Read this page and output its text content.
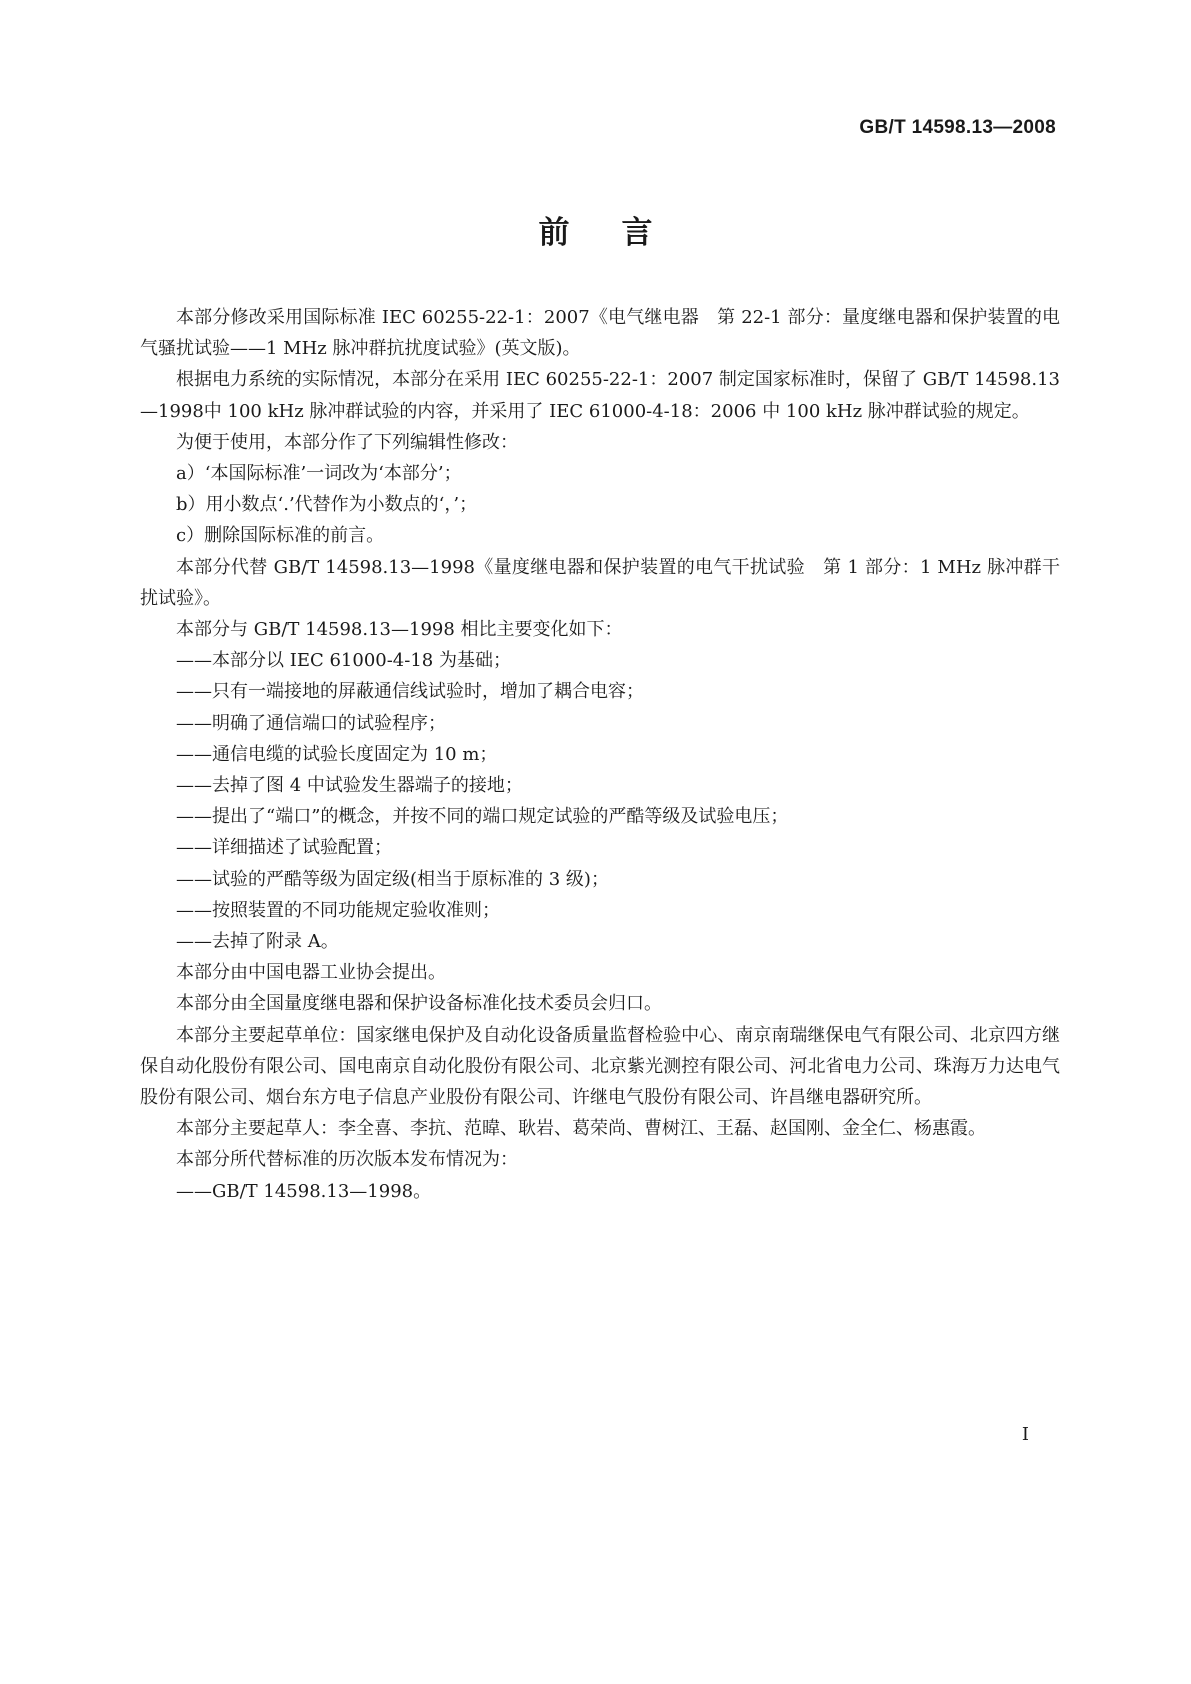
GB/T 14598.13—2008
前言

本部分修改采用国际标准 IEC 60255-22-1：2007《电气继电器　第 22-1 部分：量度继电器和保护装置的电气骚扰试验——1 MHz 脉冲群抗扰度试验》(英文版)。

根据电力系统的实际情况，本部分在采用 IEC 60255-22-1：2007 制定国家标准时，保留了 GB/T 14598.13—1998中 100 kHz 脉冲群试验的内容，并采用了 IEC 61000-4-18：2006 中 100 kHz 脉冲群试验的规定。

为便于使用，本部分作了下列编辑性修改：

a）‘本国际标准’一词改为‘本部分’；

b）用小数点‘.’代替作为小数点的‘，’；

c）删除国际标准的前言。

本部分代替 GB/T 14598.13—1998《量度继电器和保护装置的电气干扰试验　第 1 部分：1 MHz 脉冲群干扰试验》。

本部分与 GB/T 14598.13—1998 相比主要变化如下：

——本部分以 IEC 61000-4-18 为基础；

——只有一端接地的屏蔽通信线试验时，增加了耦合电容；

——明确了通信端口的试验程序；

——通信电缆的试验长度固定为 10 m；

——去掉了图 4 中试验发生器端子的接地；

——提出了“端口”的概念，并按不同的端口规定试验的严酷等级及试验电压；

——详细描述了试验配置；

——试验的严酷等级为固定级(相当于原标准的 3 级)；

——按照装置的不同功能规定验收准则；

——去掉了附录 A。

本部分由中国电器工业协会提出。

本部分由全国量度继电器和保护设备标准化技术委员会归口。

本部分主要起草单位：国家继电保护及自动化设备质量监督检验中心、南京南瑞继保电气有限公司、北京四方继保自动化股份有限公司、国电南京自动化股份有限公司、北京紫光测控有限公司、河北省电力公司、珠海万力达电气股份有限公司、烟台东方电子信息产业股份有限公司、许继电气股份有限公司、许昌继电器研究所。

本部分主要起草人：李全喜、李抗、范暐、耿岩、葛荣尚、曹树江、王磊、赵国刚、金全仁、杨惠霞。

本部分所代替标准的历次版本发布情况为：

——GB/T 14598.13—1998。

I
